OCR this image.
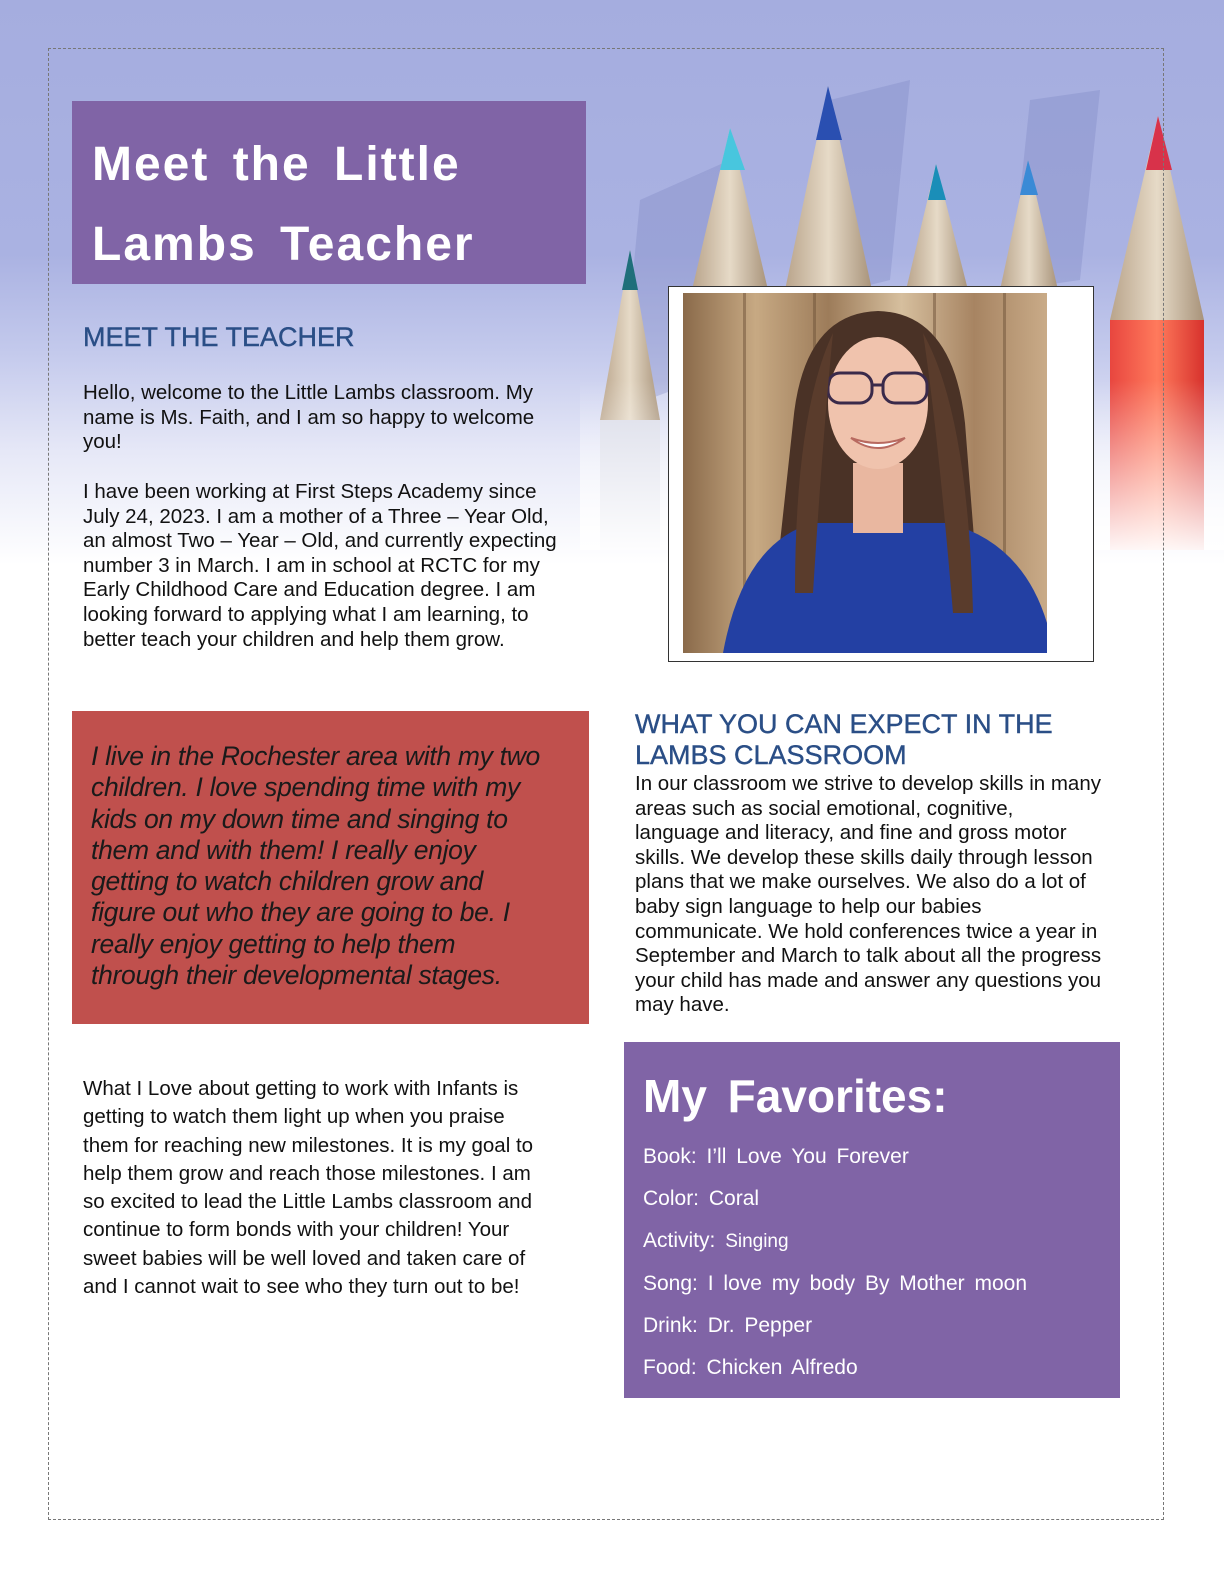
Meet the Little
Lambs Teacher
MEET THE TEACHER

Hello, welcome to the Little Lambs classroom. My
name is Ms. Faith, and I am so happy to welcome
you!

I have been working at First Steps Academy since
July 24, 2023. I am a mother of a Three – Year Old,
an almost Two – Year – Old, and currently expecting
number 3 in March. I am in school at RCTC for my
Early Childhood Care and Education degree. I am
looking forward to applying what I am learning, to
better teach your children and help them grow.

I live in the Rochester area with my two
children. I love spending time with my
kids on my down time and singing to
them and with them! I really enjoy
getting to watch children grow and
figure out who they are going to be. I
really enjoy getting to help them
through their developmental stages.

What I Love about getting to work with Infants is
getting to watch them light up when you praise
them for reaching new milestones. It is my goal to
help them grow and reach those milestones. I am
so excited to lead the Little Lambs classroom and
continue to form bonds with your children! Your
sweet babies will be well loved and taken care of
and I cannot wait to see who they turn out to be!

WHAT YOU CAN EXPECT IN THE
LAMBS CLASSROOM

In our classroom we strive to develop skills in many
areas such as social emotional, cognitive,
language and literacy, and fine and gross motor
skills. We develop these skills daily through lesson
plans that we make ourselves. We also do a lot of
baby sign language to help our babies
communicate. We hold conferences twice a year in
September and March to talk about all the progress
your child has made and answer any questions you
may have.

My Favorites:
Book: I’ll Love You Forever
Color: Coral
Activity: Singing
Song: I love my body By Mother moon
Drink: Dr. Pepper
Food: Chicken Alfredo
